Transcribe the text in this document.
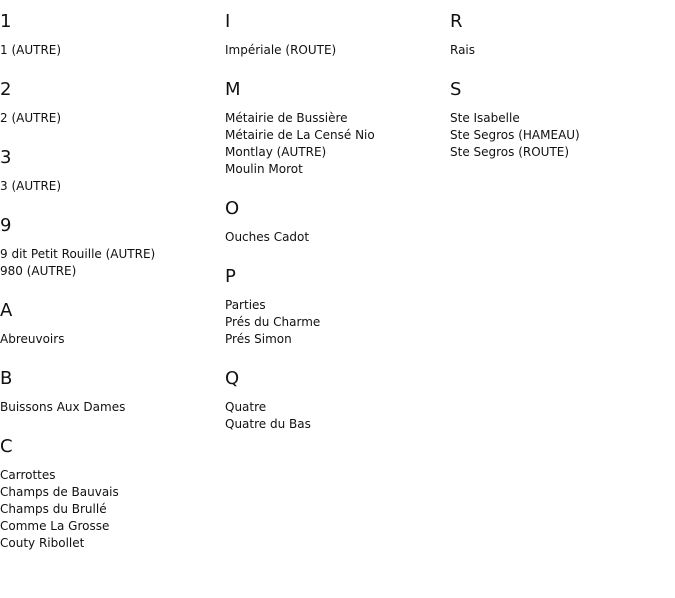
1
1 (AUTRE)
2
2 (AUTRE)
3
3 (AUTRE)
9
9 dit Petit Rouille (AUTRE)
980 (AUTRE)
A
Abreuvoirs
B
Buissons Aux Dames
C
Carrottes
Champs de Bauvais
Champs du Brullé
Comme La Grosse
Couty Ribollet
I
Impériale (ROUTE)
M
Métairie de Bussière
Métairie de La Censé Nio
Montlay (AUTRE)
Moulin Morot
O
Ouches Cadot
P
Parties
Prés du Charme
Prés Simon
Q
Quatre
Quatre du Bas
R
Rais
S
Ste Isabelle
Ste Segros (HAMEAU)
Ste Segros (ROUTE)
